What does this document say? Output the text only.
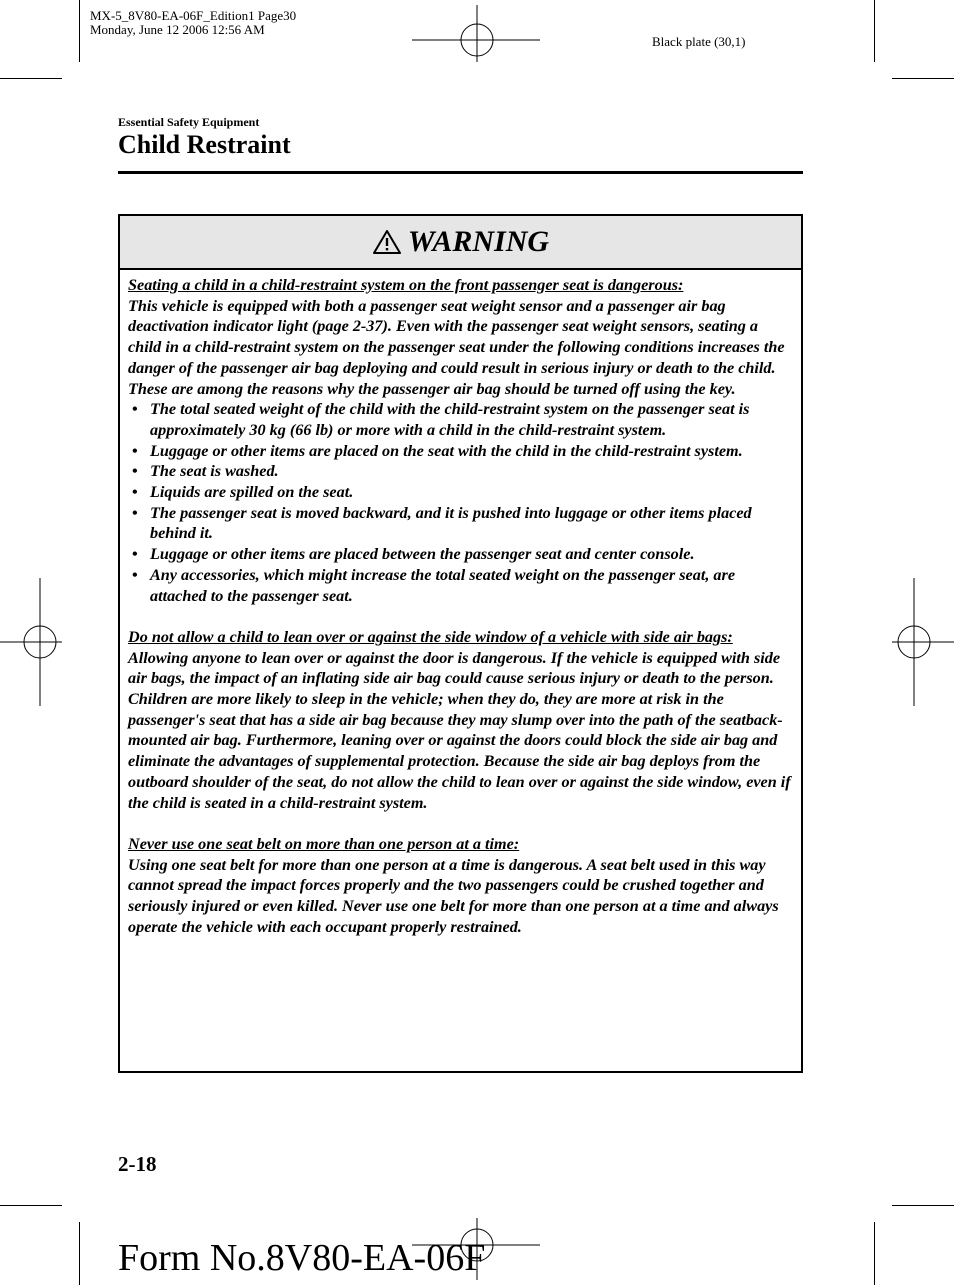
MX-5_8V80-EA-06F_Edition1 Page30
Monday, June 12 2006 12:56 AM
Black plate (30,1)
Essential Safety Equipment
Child Restraint
WARNING

Seating a child in a child-restraint system on the front passenger seat is dangerous:

This vehicle is equipped with both a passenger seat weight sensor and a passenger air bag deactivation indicator light (page 2-37). Even with the passenger seat weight sensors, seating a child in a child-restraint system on the passenger seat under the following conditions increases the danger of the passenger air bag deploying and could result in serious injury or death to the child. These are among the reasons why the passenger air bag should be turned off using the key.

• The total seated weight of the child with the child-restraint system on the passenger seat is approximately 30 kg (66 lb) or more with a child in the child-restraint system.
• Luggage or other items are placed on the seat with the child in the child-restraint system.
• The seat is washed.
• Liquids are spilled on the seat.
• The passenger seat is moved backward, and it is pushed into luggage or other items placed behind it.
• Luggage or other items are placed between the passenger seat and center console.
• Any accessories, which might increase the total seated weight on the passenger seat, are attached to the passenger seat.

Do not allow a child to lean over or against the side window of a vehicle with side air bags:

Allowing anyone to lean over or against the door is dangerous. If the vehicle is equipped with side air bags, the impact of an inflating side air bag could cause serious injury or death to the person. Children are more likely to sleep in the vehicle; when they do, they are more at risk in the passenger's seat that has a side air bag because they may slump over into the path of the seatback-mounted air bag. Furthermore, leaning over or against the doors could block the side air bag and eliminate the advantages of supplemental protection. Because the side air bag deploys from the outboard shoulder of the seat, do not allow the child to lean over or against the side window, even if the child is seated in a child-restraint system.

Never use one seat belt on more than one person at a time:

Using one seat belt for more than one person at a time is dangerous. A seat belt used in this way cannot spread the impact forces properly and the two passengers could be crushed together and seriously injured or even killed. Never use one belt for more than one person at a time and always operate the vehicle with each occupant properly restrained.

2-18
Form No.8V80-EA-06F
